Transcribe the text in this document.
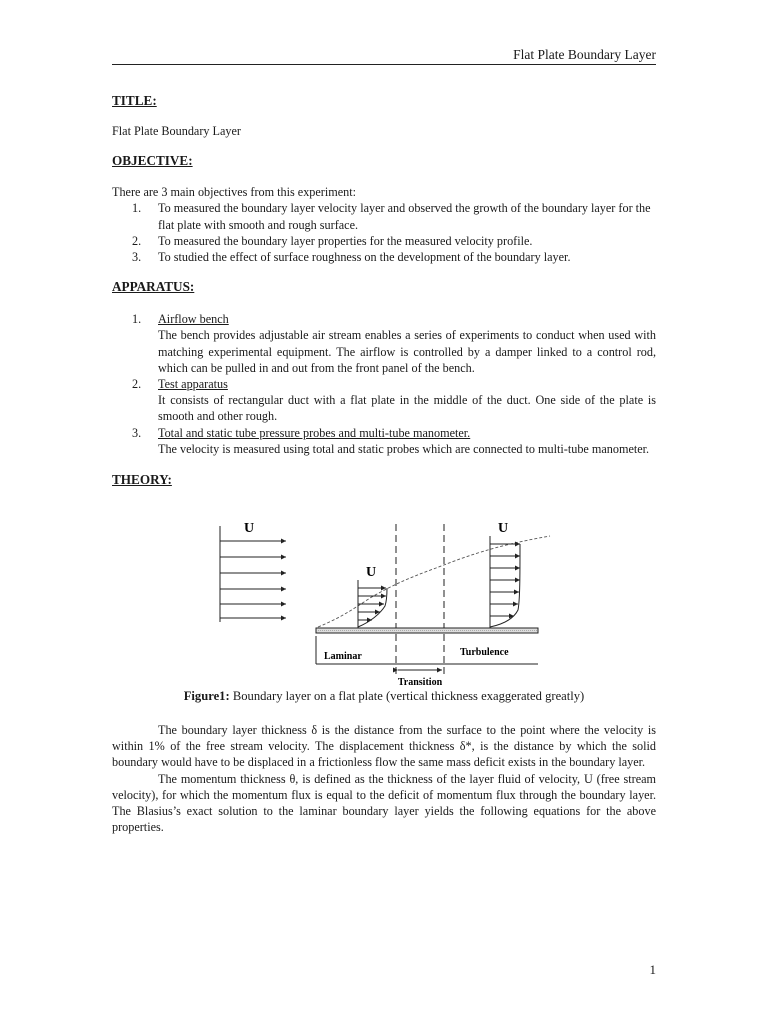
Flat Plate Boundary Layer
TITLE:

Flat Plate Boundary Layer

OBJECTIVE:

There are 3 main objectives from this experiment:

1. To measured the boundary layer velocity layer and observed the growth of the boundary layer for the flat plate with smooth and rough surface.
2. To measured the boundary layer properties for the measured velocity profile.
3. To studied the effect of surface roughness on the development of the boundary layer.
APPARATUS:
1. Airflow bench
The bench provides adjustable air stream enables a series of experiments to conduct when used with matching experimental equipment. The airflow is controlled by a damper linked to a control rod, which can be pulled in and out from the front panel of the bench.
2. Test apparatus
It consists of rectangular duct with a flat plate in the middle of the duct. One side of the plate is smooth and other rough.
3. Total and static tube pressure probes and multi-tube manometer.
The velocity is measured using total and static probes which are connected to multi-tube manometer.
THEORY:
U
U
U
Laminar	Turbulence
Transition
Figure1: Boundary layer on a flat plate (vertical thickness exaggerated greatly)

The boundary layer thickness δ is the distance from the surface to the point where the velocity is within 1% of the free stream velocity. The displacement thickness δ*, is the distance by which the solid boundary would have to be displaced in a frictionless flow the same mass deficit exists in the boundary layer.

The momentum thickness θ, is defined as the thickness of the layer fluid of velocity, U (free stream velocity), for which the momentum flux is equal to the deficit of momentum flux through the boundary layer. The Blasius’s exact solution to the laminar boundary layer yields the following equations for the above properties.

1
